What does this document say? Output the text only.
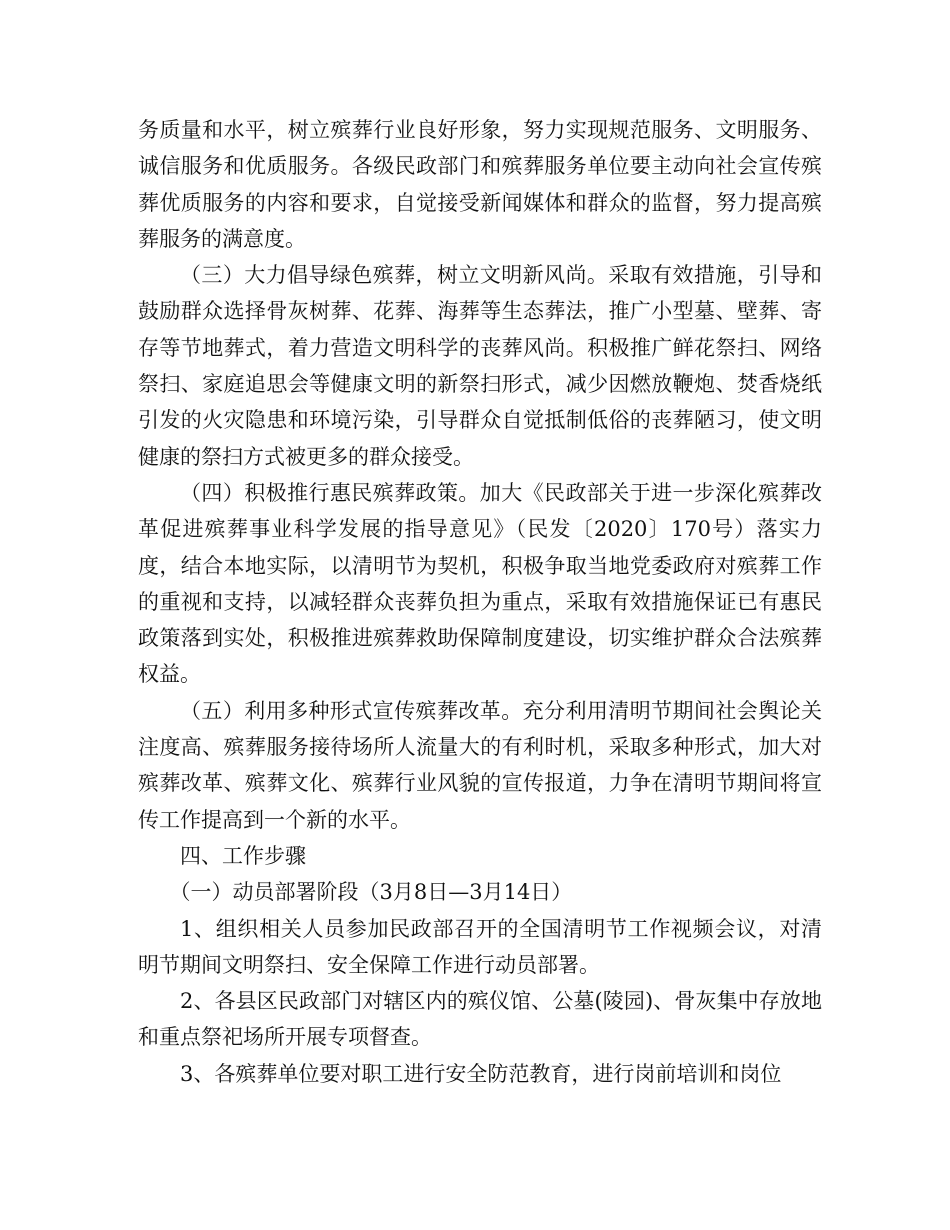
务质量和水平，树立殡葬行业良好形象，努力实现规范服务、文明服务、诚信服务和优质服务。各级民政部门和殡葬服务单位要主动向社会宣传殡葬优质服务的内容和要求，自觉接受新闻媒体和群众的监督，努力提高殡葬服务的满意度。

（三）大力倡导绿色殡葬，树立文明新风尚。采取有效措施，引导和鼓励群众选择骨灰树葬、花葬、海葬等生态葬法，推广小型墓、壁葬、寄存等节地葬式，着力营造文明科学的丧葬风尚。积极推广鲜花祭扫、网络祭扫、家庭追思会等健康文明的新祭扫形式，减少因燃放鞭炮、焚香烧纸引发的火灾隐患和环境污染，引导群众自觉抵制低俗的丧葬陋习，使文明健康的祭扫方式被更多的群众接受。

（四）积极推行惠民殡葬政策。加大《民政部关于进一步深化殡葬改革促进殡葬事业科学发展的指导意见》（民发〔2020〕170号）落实力度，结合本地实际，以清明节为契机，积极争取当地党委政府对殡葬工作的重视和支持，以减轻群众丧葬负担为重点，采取有效措施保证已有惠民政策落到实处，积极推进殡葬救助保障制度建设，切实维护群众合法殡葬权益。

（五）利用多种形式宣传殡葬改革。充分利用清明节期间社会舆论关注度高、殡葬服务接待场所人流量大的有利时机，采取多种形式，加大对殡葬改革、殡葬文化、殡葬行业风貌的宣传报道，力争在清明节期间将宣传工作提高到一个新的水平。

四、工作步骤

（一）动员部署阶段（3月8日—3月14日）

1、组织相关人员参加民政部召开的全国清明节工作视频会议，对清明节期间文明祭扫、安全保障工作进行动员部署。

2、各县区民政部门对辖区内的殡仪馆、公墓(陵园)、骨灰集中存放地和重点祭祀场所开展专项督查。

3、各殡葬单位要对职工进行安全防范教育，进行岗前培训和岗位
